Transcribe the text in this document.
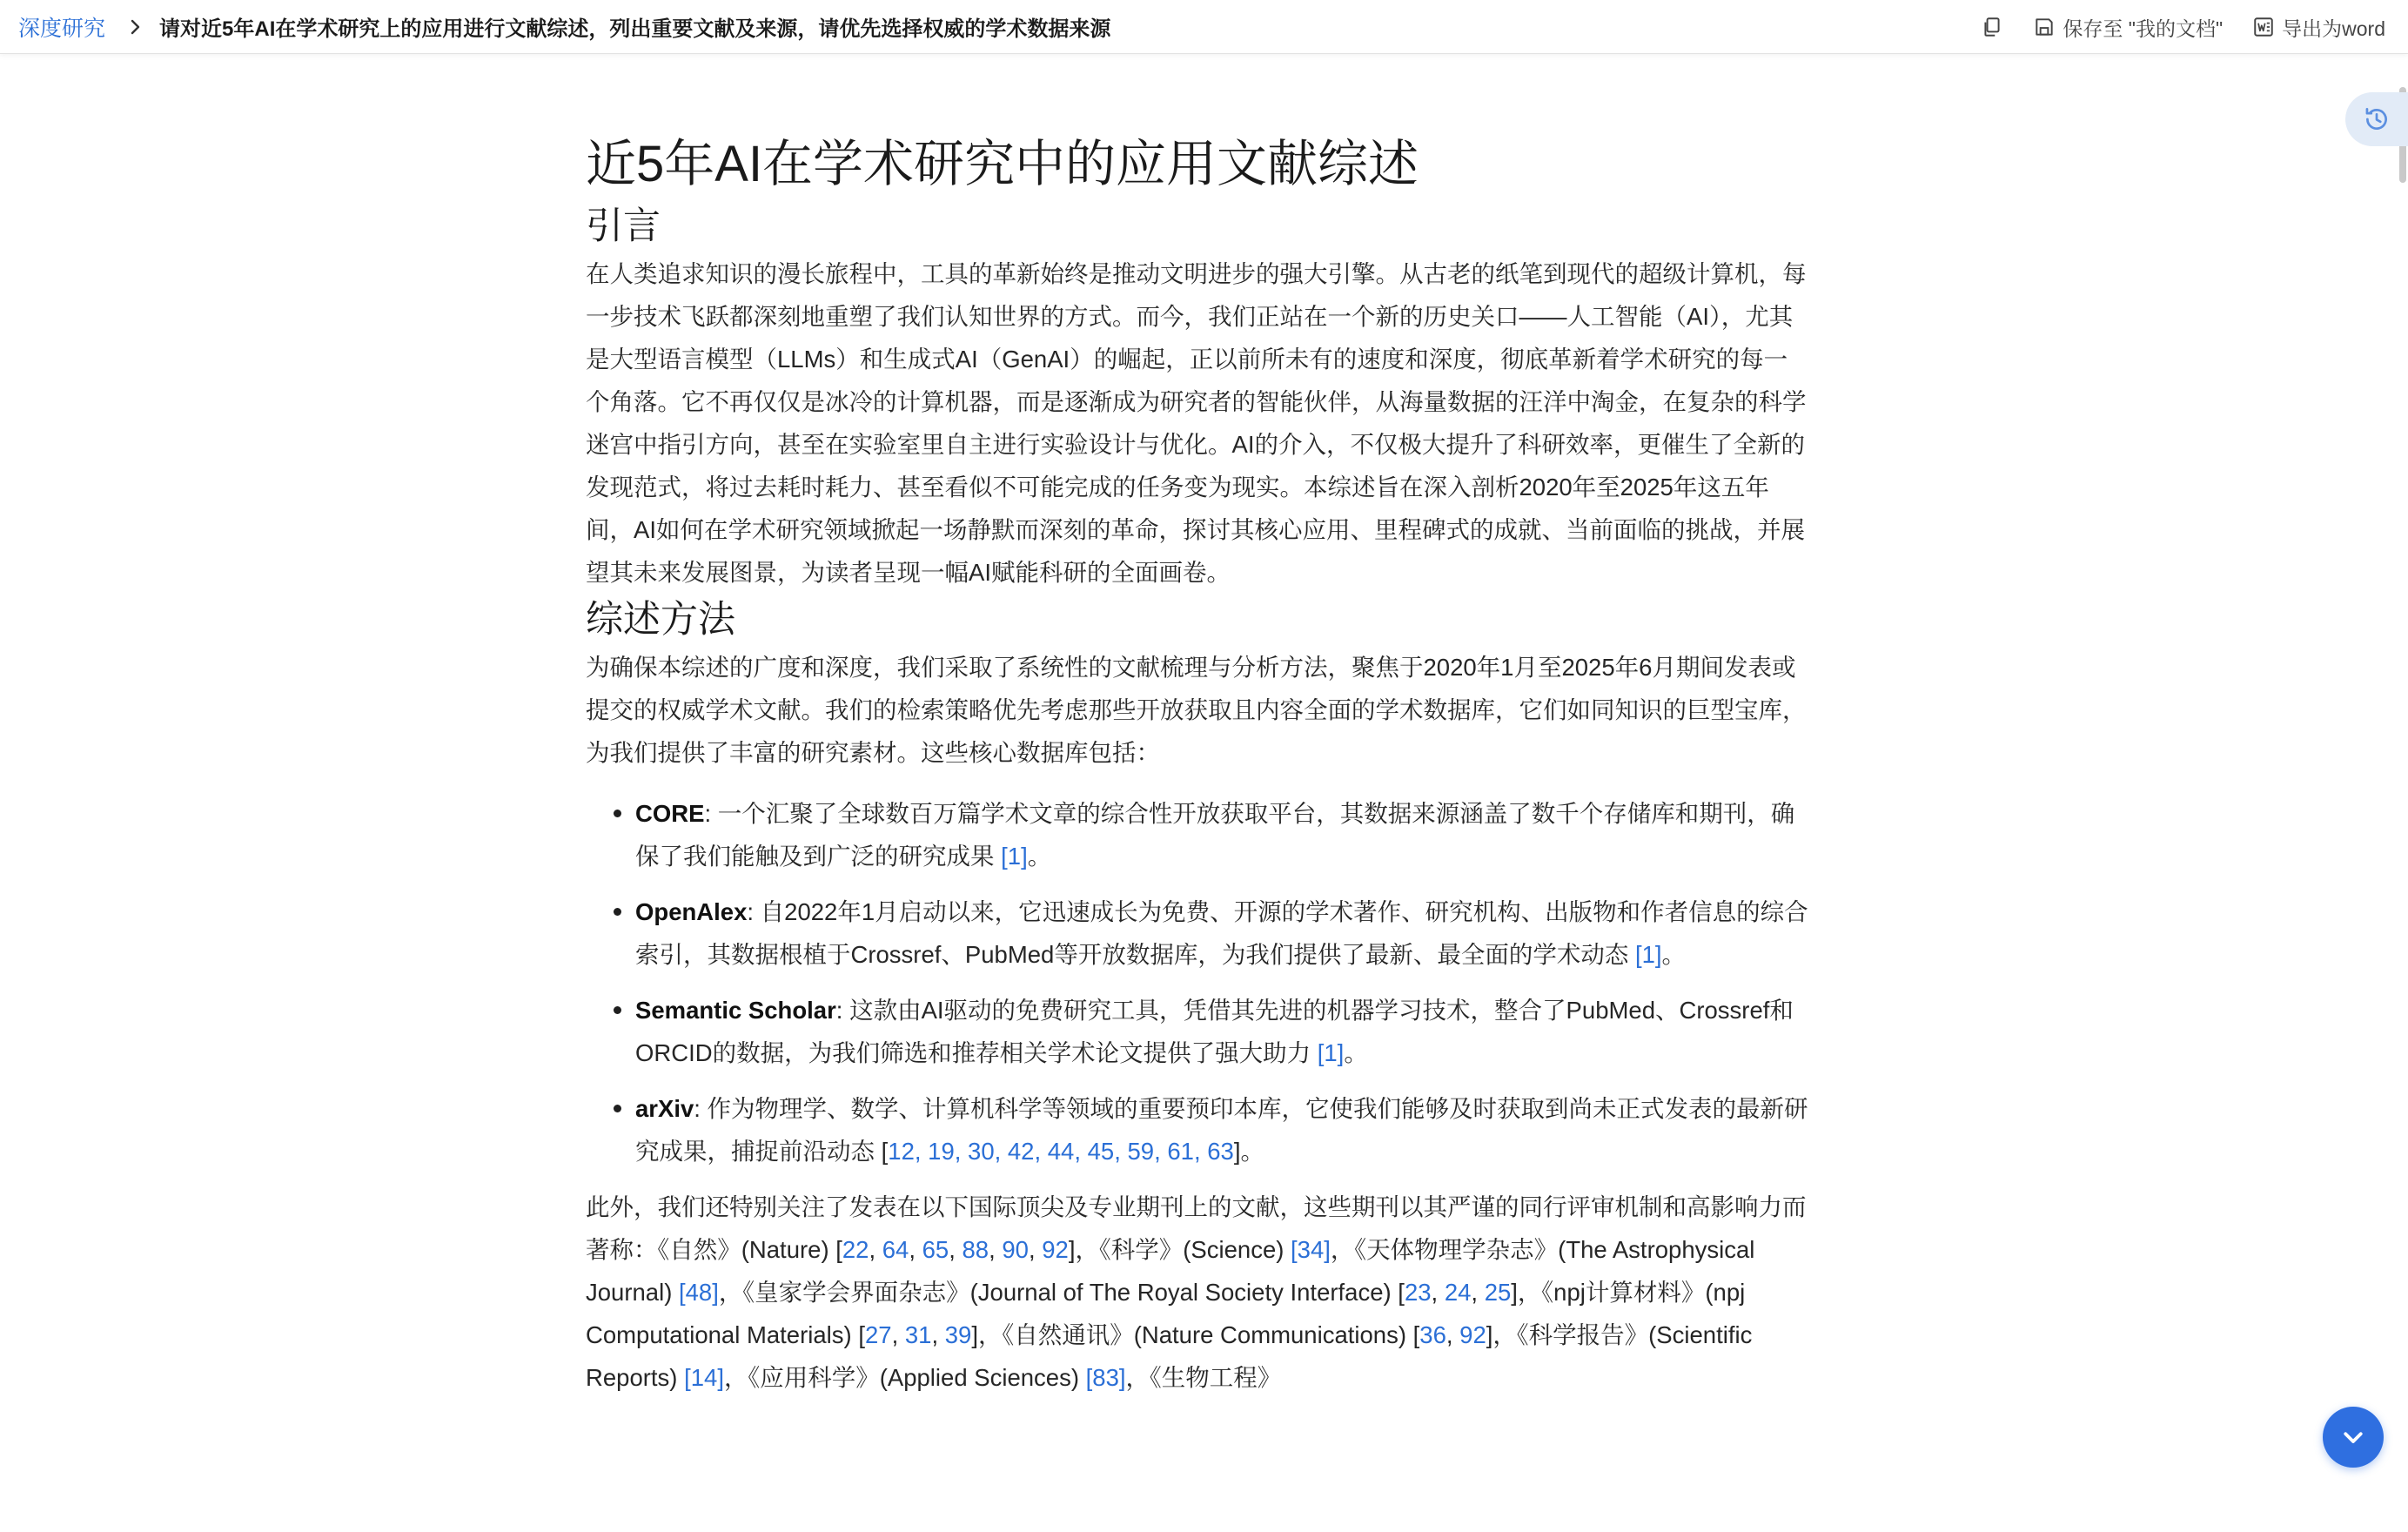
深度研究	请对近5年AI在学术研究上的应用进行文献综述，列出重要文献及来源，请优先选择权威的学术数据来源	保存至 "我的文档"	导出为word
近5年AI在学术研究中的应用文献综述
引言

在人类追求知识的漫长旅程中，工具的革新始终是推动文明进步的强大引擎。从古老的纸笔到现代的超级计算机，每一步技术飞跃都深刻地重塑了我们认知世界的方式。而今，我们正站在一个新的历史关口——人工智能（AI），尤其是大型语言模型（LLMs）和生成式AI（GenAI）的崛起，正以前所未有的速度和深度，彻底革新着学术研究的每一个角落。它不再仅仅是冰冷的计算机器，而是逐渐成为研究者的智能伙伴，从海量数据的汪洋中淘金，在复杂的科学迷宫中指引方向，甚至在实验室里自主进行实验设计与优化。AI的介入，不仅极大提升了科研效率，更催生了全新的发现范式，将过去耗时耗力、甚至看似不可能完成的任务变为现实。本综述旨在深入剖析2020年至2025年这五年间，AI如何在学术研究领域掀起一场静默而深刻的革命，探讨其核心应用、里程碑式的成就、当前面临的挑战，并展望其未来发展图景，为读者呈现一幅AI赋能科研的全面画卷。

综述方法

为确保本综述的广度和深度，我们采取了系统性的文献梳理与分析方法，聚焦于2020年1月至2025年6月期间发表或提交的权威学术文献。我们的检索策略优先考虑那些开放获取且内容全面的学术数据库，它们如同知识的巨型宝库，为我们提供了丰富的研究素材。这些核心数据库包括：

CORE: 一个汇聚了全球数百万篇学术文章的综合性开放获取平台，其数据来源涵盖了数千个存储库和期刊，确保了我们能触及到广泛的研究成果 [1]。
OpenAlex: 自2022年1月启动以来，它迅速成长为免费、开源的学术著作、研究机构、出版物和作者信息的综合索引，其数据根植于Crossref、PubMed等开放数据库，为我们提供了最新、最全面的学术动态 [1]。
Semantic Scholar: 这款由AI驱动的免费研究工具，凭借其先进的机器学习技术，整合了PubMed、Crossref和ORCID的数据，为我们筛选和推荐相关学术论文提供了强大助力 [1]。
arXiv: 作为物理学、数学、计算机科学等领域的重要预印本库，它使我们能够及时获取到尚未正式发表的最新研究成果，捕捉前沿动态 [12, 19, 30, 42, 44, 45, 59, 61, 63]。

此外，我们还特别关注了发表在以下国际顶尖及专业期刊上的文献，这些期刊以其严谨的同行评审机制和高影响力而著称：《自然》(Nature) [22, 64, 65, 88, 90, 92]，《科学》(Science) [34]，《天体物理学杂志》(The Astrophysical Journal) [48]，《皇家学会界面杂志》(Journal of The Royal Society Interface) [23, 24, 25]，《npj计算材料》(npj Computational Materials) [27, 31, 39]，《自然通讯》(Nature Communications) [36, 92]，《科学报告》(Scientific Reports) [14]，《应用科学》(Applied Sciences) [83]，《生物工程》
